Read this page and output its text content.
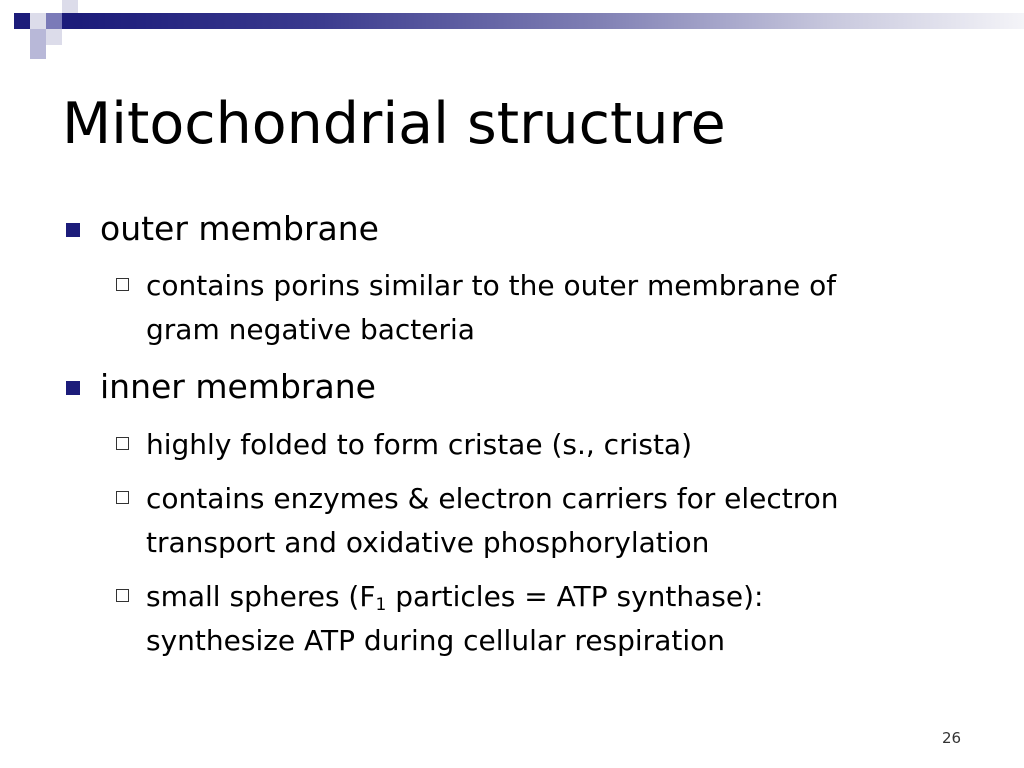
Mitochondrial structure
outer membrane
contains porins similar to the outer membrane of
gram negative bacteria
inner membrane
highly folded to form cristae (s., crista)
contains enzymes & electron carriers for electron
transport and oxidative phosphorylation
small spheres ($F_1$ particles = ATP synthase):
synthesize ATP during cellular respiration
26
